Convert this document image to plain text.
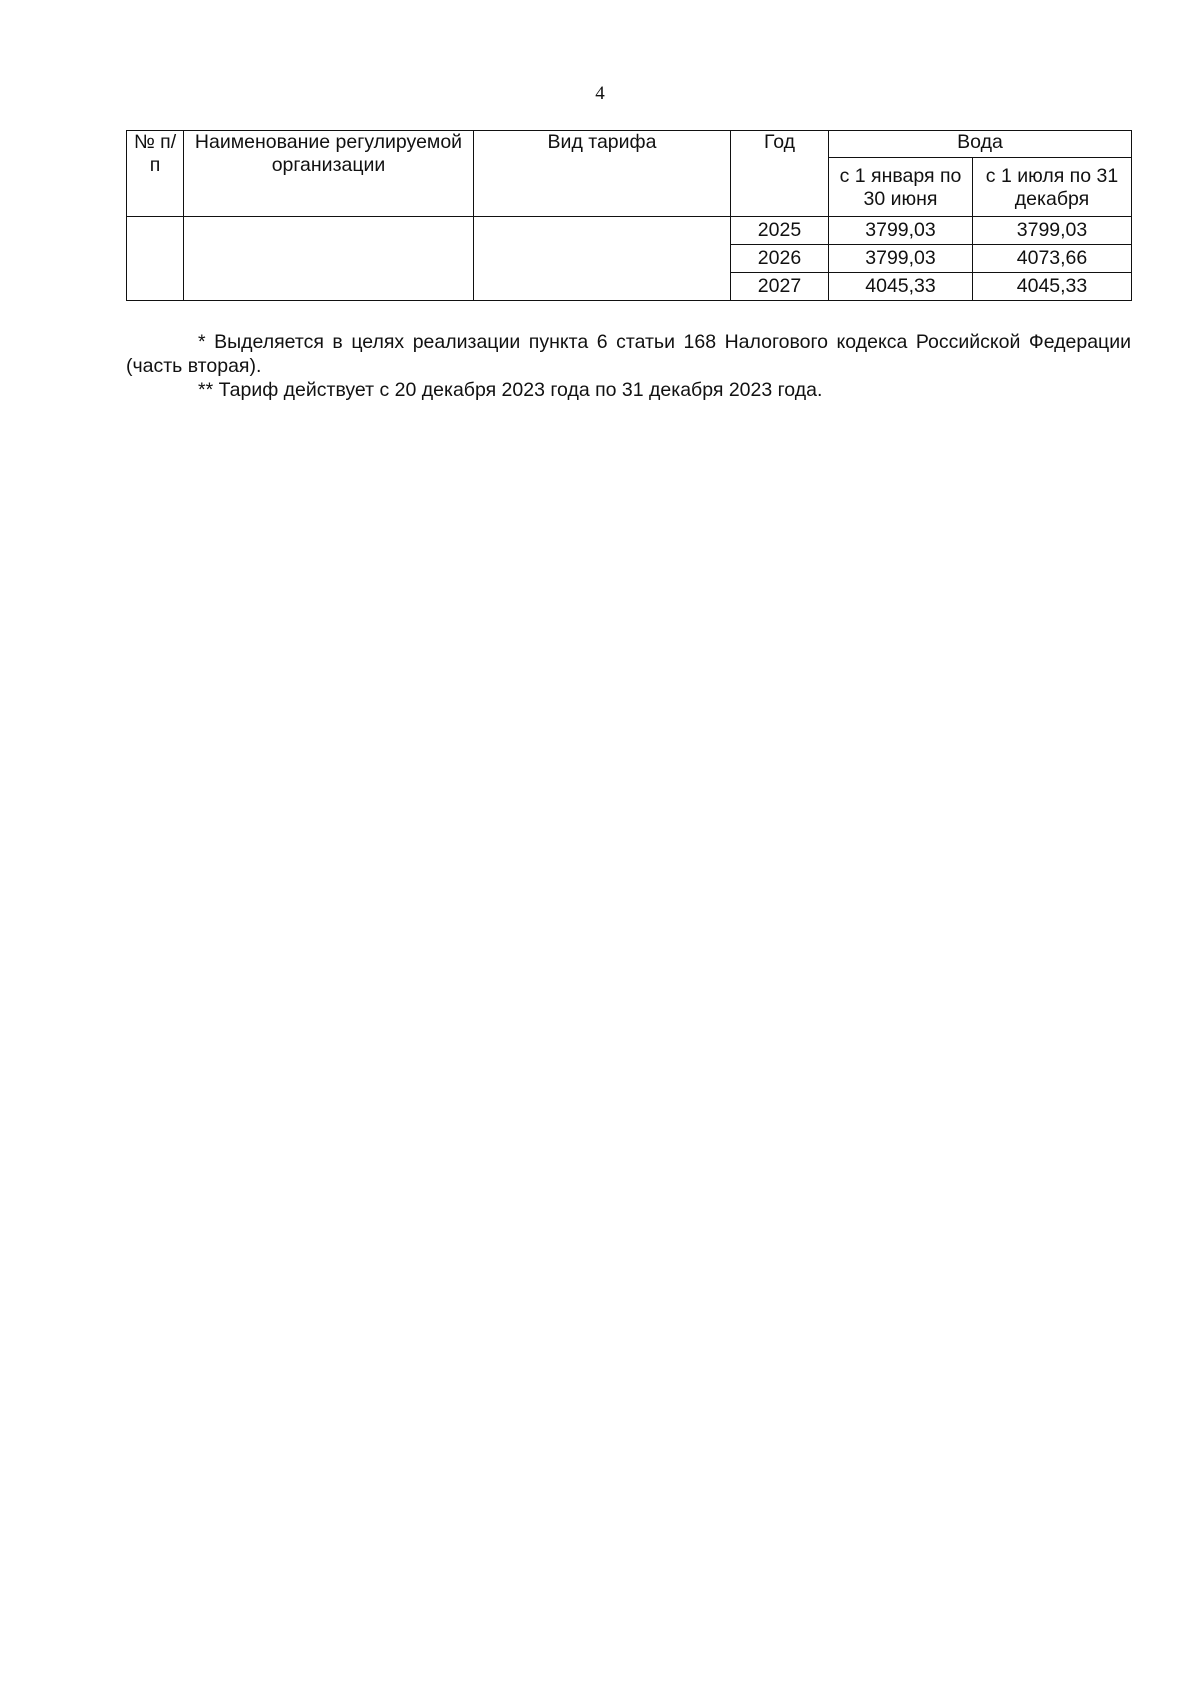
4
№ п/п	Наименование регулируемой организации	Вид тарифа	Год	Вода	
				с 1 января по 30 июня	с 1 июля по 31 декабря
			2025	3799,03	3799,03
			2026	3799,03	4073,66
			2027	4045,33	4045,33

* Выделяется в целях реализации пункта 6 статьи 168 Налогового кодекса Российской Федерации (часть вторая).

** Тариф действует с 20 декабря 2023 года по 31 декабря 2023 года.
